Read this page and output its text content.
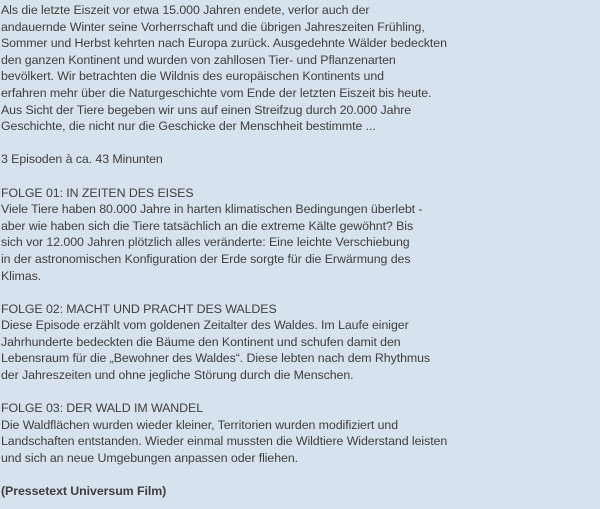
Als die letzte Eiszeit vor etwa 15.000 Jahren endete, verlor auch der
andauernde Winter seine Vorherrschaft und die übrigen Jahreszeiten Frühling,
Sommer und Herbst kehrten nach Europa zurück. Ausgedehnte Wälder bedeckten
den ganzen Kontinent und wurden von zahllosen Tier- und Pflanzenarten
bevölkert. Wir betrachten die Wildnis des europäischen Kontinents und
erfahren mehr über die Naturgeschichte vom Ende der letzten Eiszeit bis heute.
Aus Sicht der Tiere begeben wir uns auf einen Streifzug durch 20.000 Jahre
Geschichte, die nicht nur die Geschicke der Menschheit bestimmte ...

3 Episoden à ca. 43 Minunten

FOLGE 01: IN ZEITEN DES EISES
Viele Tiere haben 80.000 Jahre in harten klimatischen Bedingungen überlebt -
aber wie haben sich die Tiere tatsächlich an die extreme Kälte gewöhnt? Bis
sich vor 12.000 Jahren plötzlich alles veränderte: Eine leichte Verschiebung
in der astronomischen Konfiguration der Erde sorgte für die Erwärmung des
Klimas.

FOLGE 02: MACHT UND PRACHT DES WALDES
Diese Episode erzählt vom goldenen Zeitalter des Waldes. Im Laufe einiger
Jahrhunderte bedeckten die Bäume den Kontinent und schufen damit den
Lebensraum für die „Bewohner des Waldes“. Diese lebten nach dem Rhythmus
der Jahreszeiten und ohne jegliche Störung durch die Menschen.

FOLGE 03: DER WALD IM WANDEL
Die Waldflächen wurden wieder kleiner, Territorien wurden modifiziert und
Landschaften entstanden. Wieder einmal mussten die Wildtiere Widerstand leisten
und sich an neue Umgebungen anpassen oder fliehen.

(Pressetext Universum Film)
